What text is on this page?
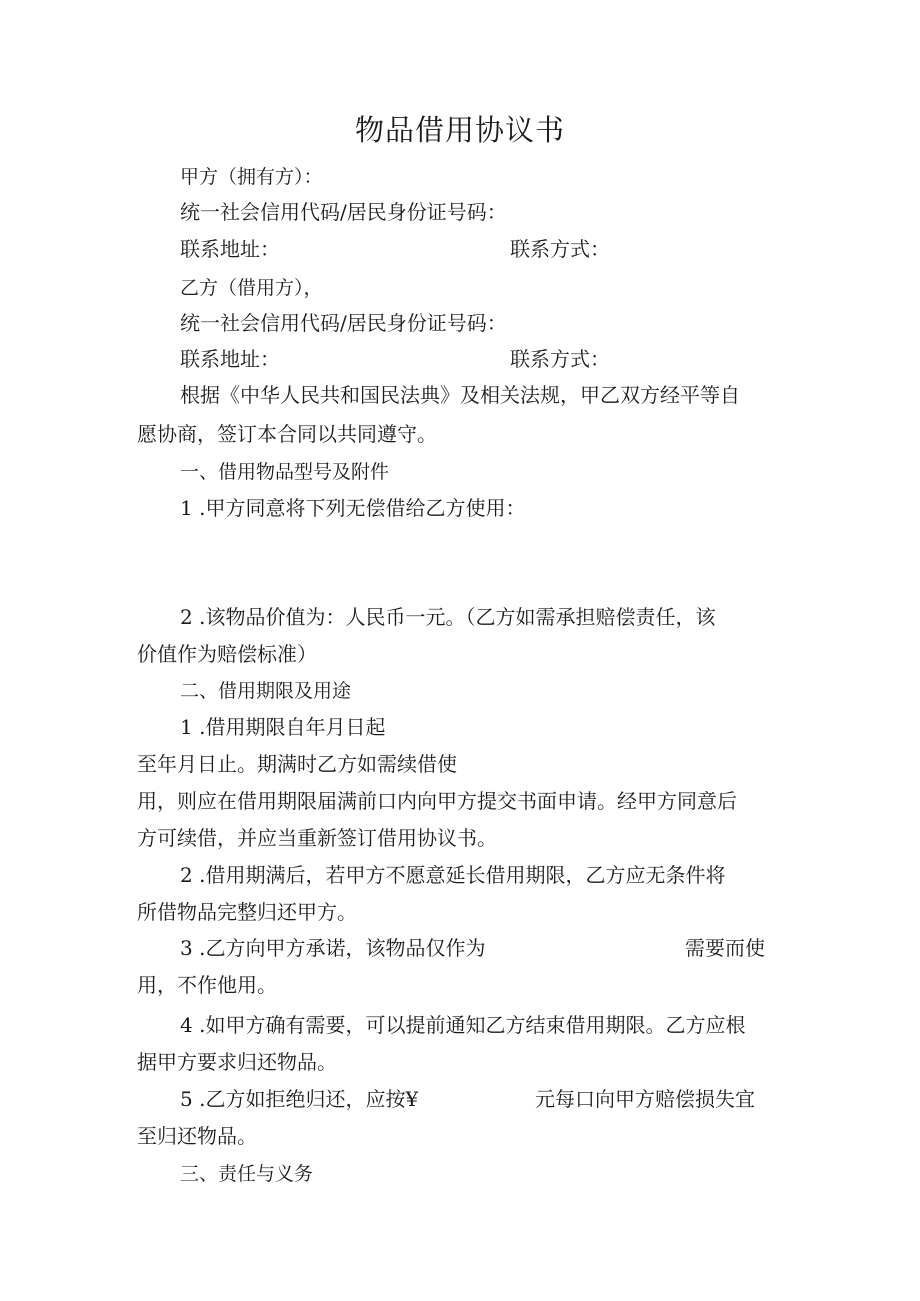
物品借用协议书
甲方（拥有方）：
统一社会信用代码/居民身份证号码：
联系地址：	联系方式：
乙方（借用方），
统一社会信用代码/居民身份证号码：
联系地址：	联系方式：
根据《中华人民共和国民法典》及相关法规，甲乙双方经平等自
愿协商，签订本合同以共同遵守。
一、借用物品型号及附件
1 .甲方同意将下列无偿借给乙方使用：
2 .该物品价值为：人民币一元。（乙方如需承担赔偿责任，该
价值作为赔偿标准）
二、借用期限及用途
1 .借用期限自年月日起
至年月日止。期满时乙方如需续借使
用，则应在借用期限届满前口内向甲方提交书面申请。经甲方同意后
方可续借，并应当重新签订借用协议书。
2 .借用期满后，若甲方不愿意延长借用期限，乙方应无条件将
所借物品完整归还甲方。
3 .乙方向甲方承诺，该物品仅作为	需要而使
用，不作他用。
4 .如甲方确有需要，可以提前通知乙方结束借用期限。乙方应根
据甲方要求归还物品。
5 .乙方如拒绝归还，应按¥	元每口向甲方赔偿损失宜
至归还物品。
三、责任与义务
